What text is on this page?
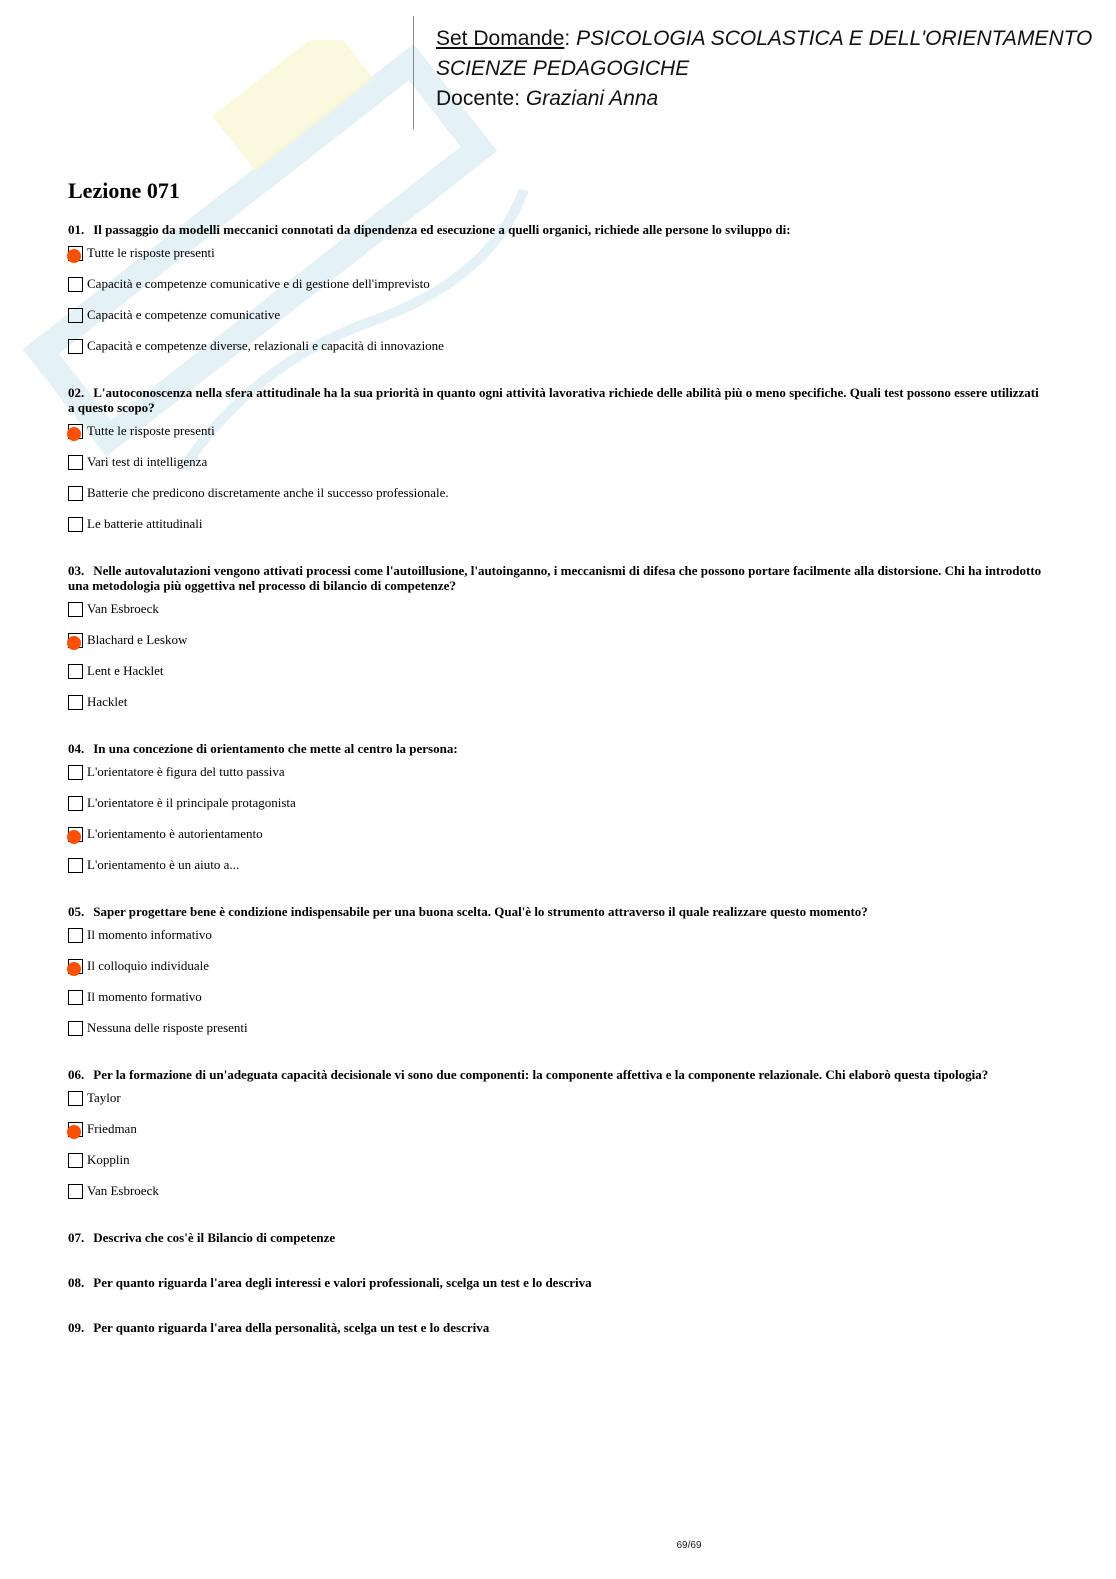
Set Domande: PSICOLOGIA SCOLASTICA E DELL'ORIENTAMENTO
SCIENZE PEDAGOGICHE
Docente: Graziani Anna
Lezione 071

01. Il passaggio da modelli meccanici connotati da dipendenza ed esecuzione a quelli organici, richiede alle persone lo sviluppo di:

Tutte le risposte presenti
Capacità e competenze comunicative e di gestione dell'imprevisto
Capacità e competenze comunicative
Capacità e competenze diverse, relazionali e capacità di innovazione

02. L'autoconoscenza nella sfera attitudinale ha la sua priorità in quanto ogni attività lavorativa richiede delle abilità più o meno specifiche. Quali test possono essere utilizzati a questo scopo?

Tutte le risposte presenti
Vari test di intelligenza
Batterie che predicono discretamente anche il successo professionale.
Le batterie attitudinali

03. Nelle autovalutazioni vengono attivati processi come l'autoillusione, l'autoinganno, i meccanismi di difesa che possono portare facilmente alla distorsione. Chi ha introdotto una metodologia più oggettiva nel processo di bilancio di competenze?

Van Esbroeck
Blachard e Leskow
Lent e Hacklet
Hacklet

04. In una concezione di orientamento che mette al centro la persona:

L'orientatore è figura del tutto passiva
L'orientatore è il principale protagonista
L'orientamento è autorientamento
L'orientamento è un aiuto a...

05. Saper progettare bene è condizione indispensabile per una buona scelta. Qual'è lo strumento attraverso il quale realizzare questo momento?

Il momento informativo
Il colloquio individuale
Il momento formativo
Nessuna delle risposte presenti

06. Per la formazione di un'adeguata capacità decisionale vi sono due componenti: la componente affettiva e la componente relazionale. Chi elaborò questa tipologia?

Taylor
Friedman
Kopplin
Van Esbroeck

07. Descriva che cos'è il Bilancio di competenze

08. Per quanto riguarda l'area degli interessi e valori professionali, scelga un test e lo descriva

09. Per quanto riguarda l'area della personalità, scelga un test e lo descriva

69/69
